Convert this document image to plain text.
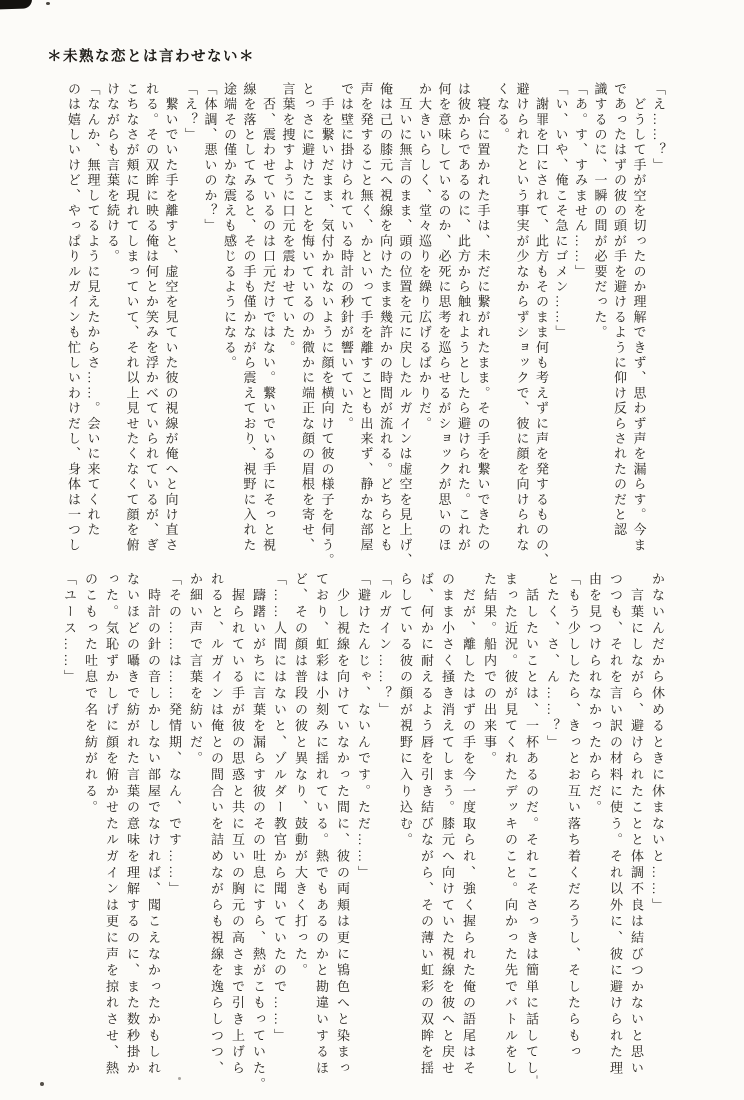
＊未熟な恋とは言わせない＊
「え……？」
　どうして手が空を切ったのか理解できず、思わず声を漏らす。今ま
であったはずの彼の頭が手を避けるように仰け反らされたのだと認
識するのに、一瞬の間が必要だった。
「あ。す、すみません……」
「い、いや、俺こそ急にゴメン……」
　謝罪を口にされて、此方もそのまま何も考えずに声を発するものの、
避けられたという事実が少なからずショックで、彼に顔を向けられな
くなる。
　寝台に置かれた手は、未だに繋がれたまま。その手を繋いできたの
は彼からであるのに、此方から触れようとしたら避けられた。これが
何を意味しているのか、必死に思考を巡らせるがショックが思いのほ
か大きいらしく、堂々巡りを繰り広げるばかりだ。
　互いに無言のまま、頭の位置を元に戻したルガインは虚空を見上げ、
俺は己の膝元へ視線を向けたまま幾許かの時間が流れる。どちらとも
声を発すること無く、かといって手を離すことも出来ず、静かな部屋
では壁に掛けられている時計の秒針が響いていた。
　手を繋いだまま、気付かれないように顔を横向けて彼の様子を伺う。
とっさに避けたことを悔いているのか微かに端正な顔の眉根を寄せ、
言葉を捜すように口元を震わせていた。
　否、震わせているのは口元だけではない。繋いでいる手にそっと視
線を落としてみると、その手も僅かながら震えており、視野に入れた
途端その僅かな震えも感じるようになる。
「体調、悪いのか？」
「え？」
　繋いでいた手を離すと、虚空を見ていた彼の視線が俺へと向け直さ
れる。その双眸に映る俺は何とか笑みを浮かべていられているが、ぎ
こちなさが頬に現れてしまっていて、それ以上見せたくなくて顔を俯
けながらも言葉を続ける。
「なんか、無理してるように見えたからさ……。会いに来てくれた
のは嬉しいけど、やっぱりルガインも忙しいわけだし、身体は一つし
かないんだから休めるときに休まないと……」
　言葉にしながら、避けられたことと体調不良は結びつかないと思い
つつも、それを言い訳の材料に使う。それ以外に、彼に避けられた理
由を見つけられなかったからだ。
「もう少ししたら、きっとお互い落ち着くだろうし、そしたらもっ
とたく、さ、ん……？」
　話したいことは、一杯あるのだ。それこそさっきは簡単に話してし
まった近況。彼が見てくれたデッキのこと。向かった先でバトルをし
た結果。船内での出来事。
　だが、離したはずの手を今一度取られ、強く握られた俺の語尾はそ
のまま小さく掻き消えてしまう。膝元へ向けていた視線を彼へと戻せ
ば、何かに耐えるよう唇を引き結びながら、その薄い虹彩の双眸を揺
らしている彼の顔が視野に入り込む。
「ルガイン……？」
「避けたんじゃ、ないんです。ただ……」
　少し視線を向けていなかった間に、彼の両頬は更に鴇色へと染まっ
ており、虹彩は小刻みに揺れている。熱でもあるのかと勘違いするほ
ど、その顔は普段の彼と異なり、鼓動が大きく打った。
「……人間にはないと、ゾルダー教官から聞いていたので……」
　躊躇いがちに言葉を漏らす彼のその吐息にすら、熱がこもっていた。
　握られている手が彼の思惑と共に互いの胸元の高さまで引き上げら
れると、ルガインは俺との間合いを詰めながらも視線を逸らしつつ、
か細い声で言葉を紡いだ。
「その……は……発情期、なん、です……」
　時計の針の音しかしない部屋でなければ、聞こえなかったかもしれ
ないほどの囁きで紡がれた言葉の意味を理解するのに、また数秒掛か
った。気恥ずかしげに顔を俯かせたルガインは更に声を掠れさせ、熱
のこもった吐息で名を紡がれる。
「ユース……」
